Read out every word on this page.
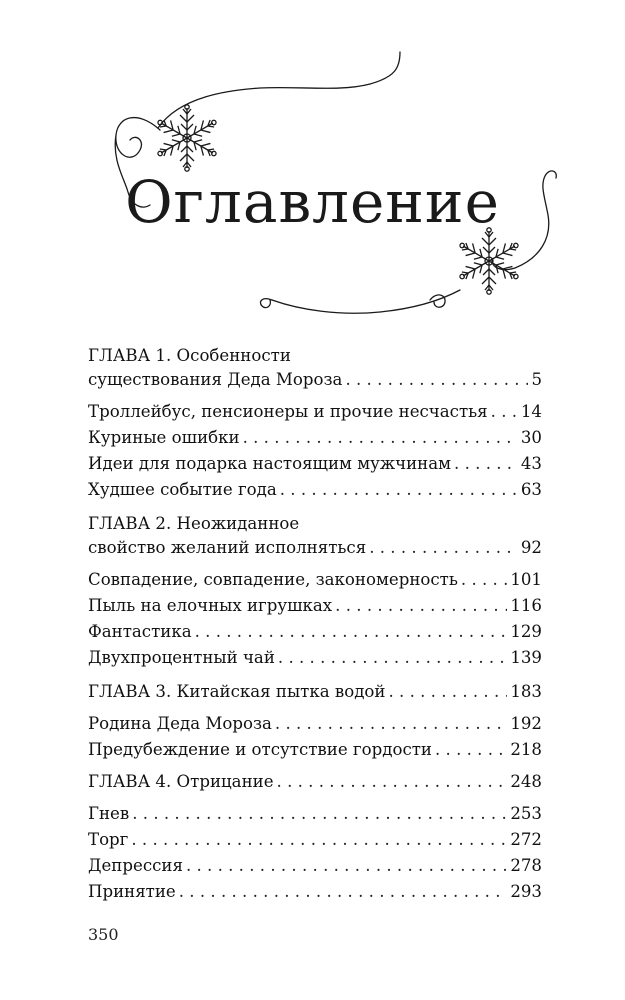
Оглавление
ГЛАВА 1. Особенности
существования Деда Мороза . . .	5
Троллейбус, пенсионеры и прочие несчастья . . . 14
Куриные ошибки . . .	30
Идеи для подарка настоящим мужчинам . . .	43
Худшее событие года . . .	63
ГЛАВА 2. Неожиданное
свойство желаний исполняться . . .	92
Совпадение, совпадение, закономерность . . .	101
Пыль на елочных игрушках . . .	116
Фантастика . . .	129
Двухпроцентный чай . . .	139
ГЛАВА 3. Китайская пытка водой . . .	183
Родина Деда Мороза . . .	192
Предубеждение и отсутствие гордости . . .	218
ГЛАВА 4. Отрицание . . .	248
Гнев . . .	253
Торг . . .	272
Депрессия . . .	278
Принятие . . .	293
350
